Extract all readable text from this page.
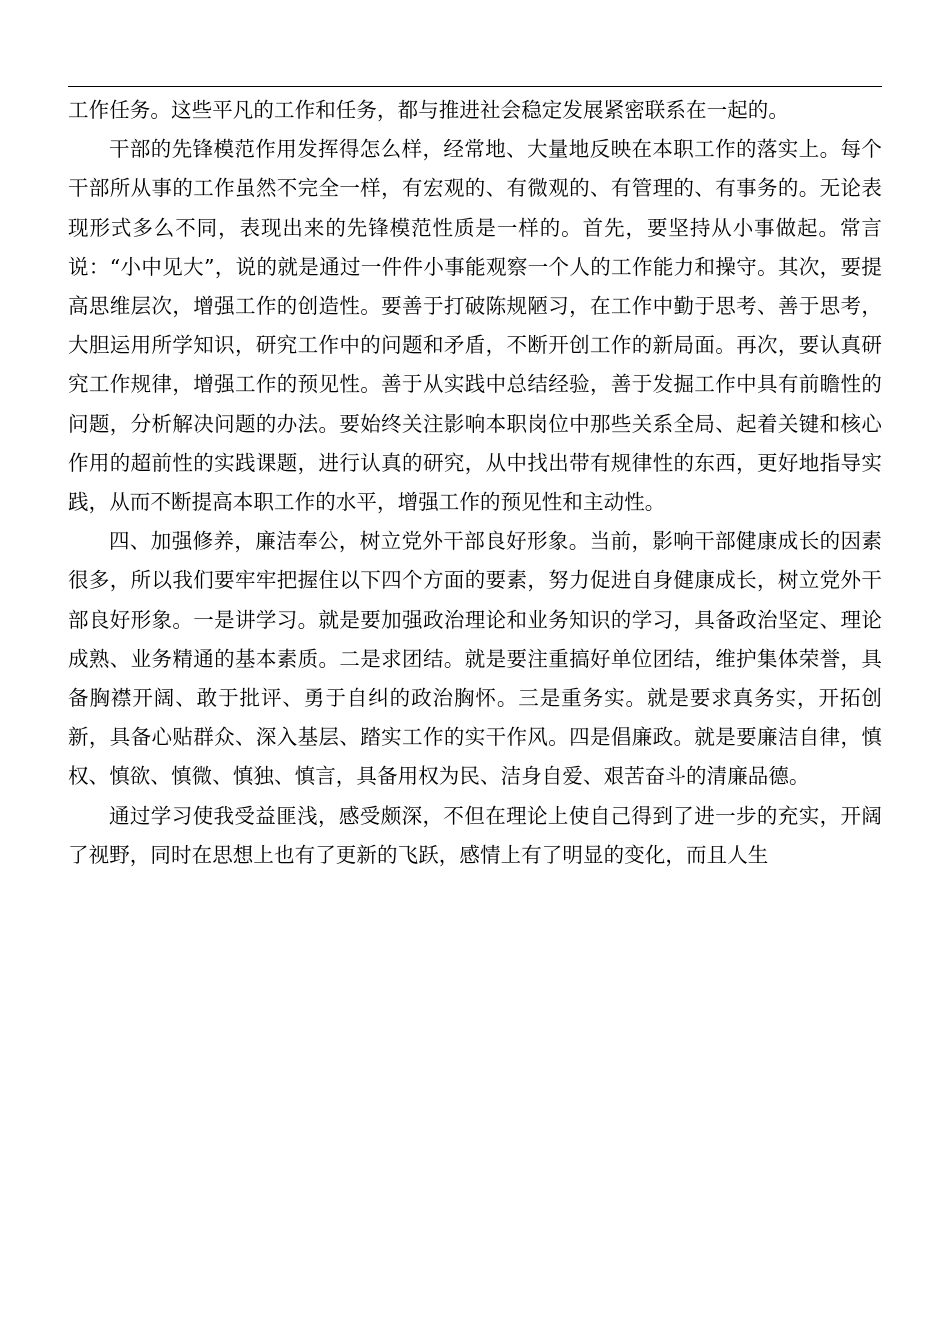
工作任务。这些平凡的工作和任务，都与推进社会稳定发展紧密联系在一起的。

干部的先锋模范作用发挥得怎么样，经常地、大量地反映在本职工作的落实上。每个干部所从事的工作虽然不完全一样，有宏观的、有微观的、有管理的、有事务的。无论表现形式多么不同，表现出来的先锋模范性质是一样的。首先，要坚持从小事做起。常言说：“小中见大”，说的就是通过一件件小事能观察一个人的工作能力和操守。其次，要提高思维层次，增强工作的创造性。要善于打破陈规陋习，在工作中勤于思考、善于思考，大胆运用所学知识，研究工作中的问题和矛盾，不断开创工作的新局面。再次，要认真研究工作规律，增强工作的预见性。善于从实践中总结经验，善于发掘工作中具有前瞻性的问题，分析解决问题的办法。要始终关注影响本职岗位中那些关系全局、起着关键和核心作用的超前性的实践课题，进行认真的研究，从中找出带有规律性的东西，更好地指导实践，从而不断提高本职工作的水平，增强工作的预见性和主动性。

四、加强修养，廉洁奉公，树立党外干部良好形象。当前，影响干部健康成长的因素很多，所以我们要牢牢把握住以下四个方面的要素，努力促进自身健康成长，树立党外干部良好形象。一是讲学习。就是要加强政治理论和业务知识的学习，具备政治坚定、理论成熟、业务精通的基本素质。二是求团结。就是要注重搞好单位团结，维护集体荣誉，具备胸襟开阔、敢于批评、勇于自纠的政治胸怀。三是重务实。就是要求真务实，开拓创新，具备心贴群众、深入基层、踏实工作的实干作风。四是倡廉政。就是要廉洁自律，慎权、慎欲、慎微、慎独、慎言，具备用权为民、洁身自爱、艰苦奋斗的清廉品德。

通过学习使我受益匪浅，感受颇深，不但在理论上使自己得到了进一步的充实，开阔了视野，同时在思想上也有了更新的飞跃，感情上有了明显的变化，而且人生
